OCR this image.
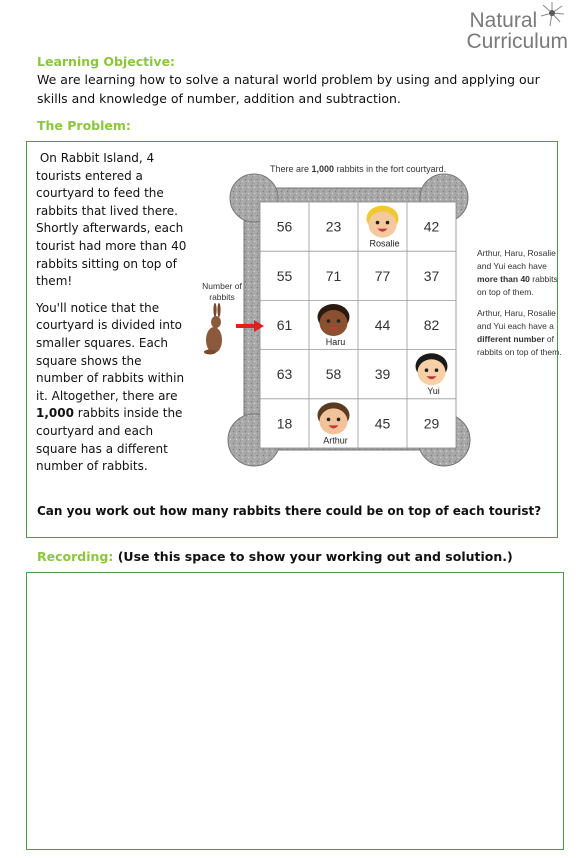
Natural
Curriculum
Learning Objective:
We are learning how to solve a natural world problem by using and applying our skills and knowledge of number, addition and subtraction.
The Problem:

On Rabbit Island, 4 tourists entered a courtyard to feed the rabbits that lived there. Shortly afterwards, each tourist had more than 40 rabbits sitting on top of them!

You'll notice that the courtyard is divided into smaller squares. Each square shows the number of rabbits within it. Altogether, there are 1,000 rabbits inside the courtyard and each square has a different number of rabbits.

There are 1,000 rabbits in the fort courtyard.
56 23	42
55 71 77 37
61	44 82
63 58 39
18	45 29
Rosalie
Haru
Yui
Arthur
Number of rabbits

Arthur, Haru, Rosalie and Yui each have more than 40 rabbits on top of them.

Arthur, Haru, Rosalie and Yui each have a different number of rabbits on top of them.

Can you work out how many rabbits there could be on top of each tourist?
Recording: (Use this space to show your working out and solution.)
